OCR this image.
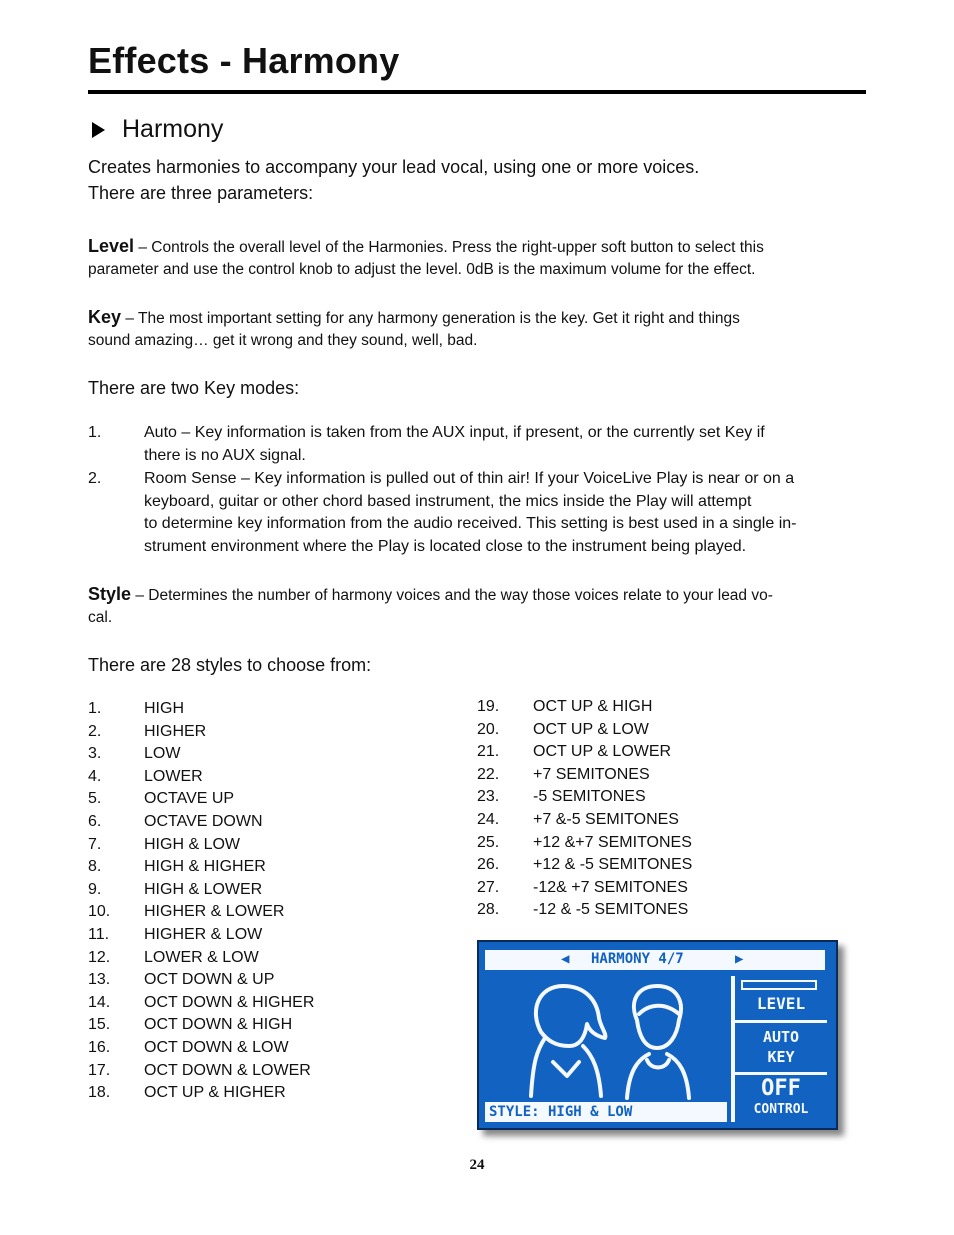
Effects - Harmony
Harmony
Creates harmonies to accompany your lead vocal, using one or more voices.
There are three parameters:
Level – Controls the overall level of the Harmonies. Press the right-upper soft button to select this
parameter and use the control knob to adjust the level. 0dB is the maximum volume for the effect.
Key – The most important setting for any harmony generation is the key. Get it right and things
sound amazing… get it wrong and they sound, well, bad.
There are two Key modes:
1.	Auto – Key information is taken from the AUX input, if present, or the currently set Key if
there is no AUX signal.
2.	Room Sense – Key information is pulled out of thin air! If your VoiceLive Play is near or on a
keyboard, guitar or other chord based instrument, the mics inside the Play will attempt
to determine key information from the audio received. This setting is best used in a single in-
strument environment where the Play is located close to the instrument being played.
Style – Determines the number of harmony voices and the way those voices relate to your lead vo-
cal.
There are 28 styles to choose from:
1.	HIGH
2.	HIGHER
3.	LOW
4.	LOWER
5.	OCTAVE UP
6.	OCTAVE DOWN
7.	HIGH & LOW
8.	HIGH & HIGHER
9.	HIGH & LOWER
10. HIGHER & LOWER
11. HIGHER & LOW
12. LOWER & LOW
13. OCT DOWN & UP
14. OCT DOWN & HIGHER
15. OCT DOWN & HIGH
16. OCT DOWN & LOW
17. OCT DOWN & LOWER
18. OCT UP & HIGHER
19. OCT UP & HIGH
20. OCT UP & LOW
21. OCT UP & LOWER
22. +7 SEMITONES
23. -5 SEMITONES
24. +7 &-5 SEMITONES
25. +12 &+7 SEMITONES
26. +12 & -5 SEMITONES
27. -12& +7 SEMITONES
28. -12 & -5 SEMITONES
◀	HARMONY 4/7	▶
STYLE: HIGH & LOW
LEVEL
AUTO
KEY
OFF
CONTROL
24
